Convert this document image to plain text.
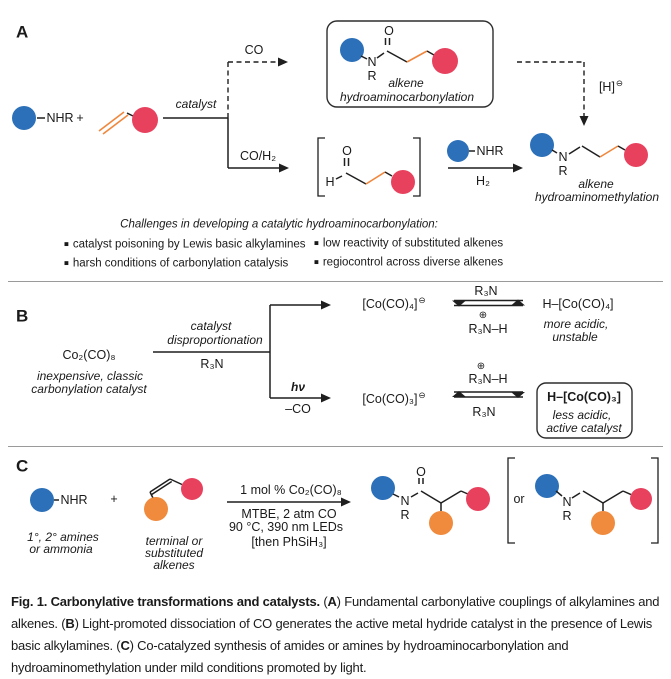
A
NHR +
catalyst
CO
CO/H₂
O
N
R
alkene
hydroaminocarbonylation
[H]⊖
H
O	NHR
H₂
N
R
alkene
hydroaminomethylation
Challenges in developing a catalytic hydroaminocarbonylation:
■ catalyst poisoning by Lewis basic alkylamines ■ low reactivity of substituted alkenes
■ harsh conditions of carbonylation catalysis	■ regiocontrol across diverse alkenes
B
Co₂(CO)₈
inexpensive, classic
carbonylation catalyst
catalyst
disproportionation
R₃N
[Co(CO)₄]⊖
R₃N
⊕
R₃N–H
H–[Co(CO)₄]
more acidic,
unstable
hν
–CO
[Co(CO)₃]⊖
⊕
R₃N–H
R₃N
H–[Co(CO)₃]
less acidic,
active catalyst
C
NHR +
1°, 2° amines
or ammonia
terminal or
substituted
alkenes
1 mol % Co₂(CO)₈
MTBE, 2 atm CO
90 °C, 390 nm LEDs
[then PhSiH₃]
N
R
O
or	N
R

Fig. 1. Carbonylative transformations and catalysts. (A) Fundamental carbonylative couplings of alkylamines and alkenes. (B) Light-promoted dissociation of CO generates the active metal hydride catalyst in the presence of Lewis basic alkylamines. (C) Co-catalyzed synthesis of amides or amines by hydroaminocarbonylation and hydroaminomethylation under mild conditions promoted by light.
